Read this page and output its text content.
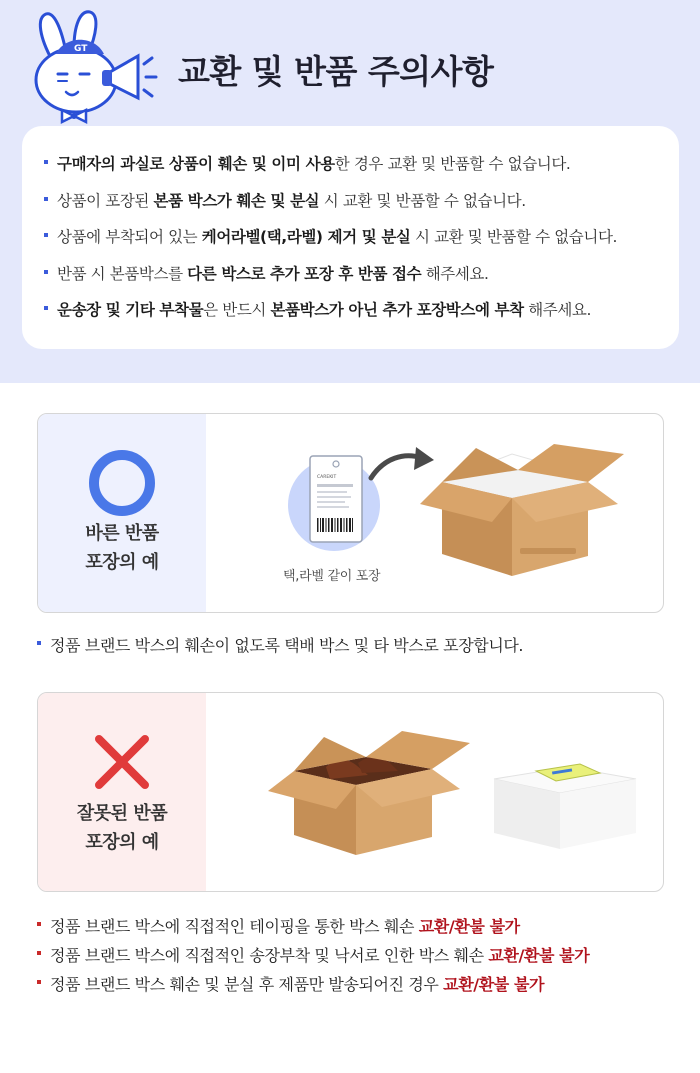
GT
교환 및 반품 주의사항
구매자의 과실로 상품이 훼손 및 이미 사용한 경우 교환 및 반품할 수 없습니다.
상품이 포장된 본품 박스가 훼손 및 분실 시 교환 및 반품할 수 없습니다.
상품에 부착되어 있는 케어라벨(택,라벨) 제거 및 분실 시 교환 및 반품할 수 없습니다.
반품 시 본품박스를 다른 박스로 추가 포장 후 반품 접수 해주세요.
운송장 및 기타 부착물은 반드시 본품박스가 아닌 추가 포장박스에 부착 해주세요.
바른 반품
포장의 예
CAREKIT
택,라벨 같이 포장
정품 브랜드 박스의 훼손이 없도록 택배 박스 및 타 박스로 포장합니다.
잘못된 반품
포장의 예
정품 브랜드 박스에 직접적인 테이핑을 통한 박스 훼손 교환/환불 불가
정품 브랜드 박스에 직접적인 송장부착 및 낙서로 인한 박스 훼손 교환/환불 불가
정품 브랜드 박스 훼손 및 분실 후 제품만 발송되어진 경우 교환/환불 불가
